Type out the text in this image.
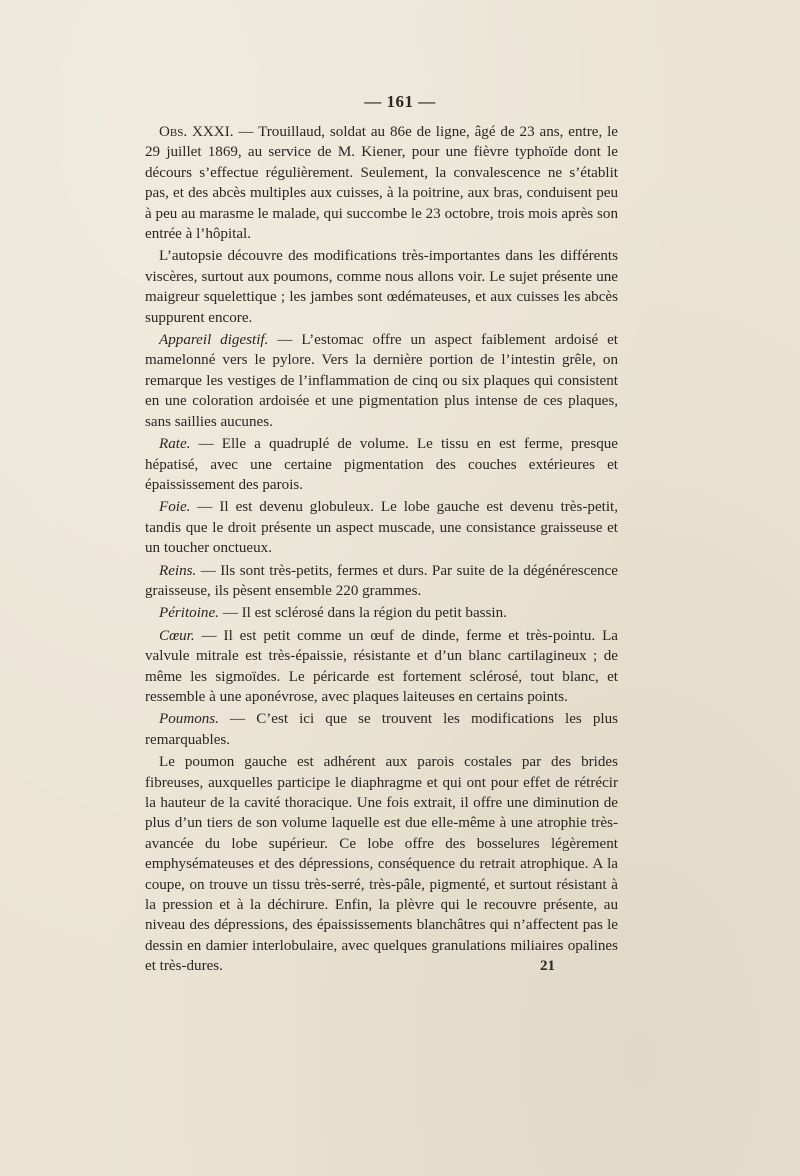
— 161 —

Obs. XXXI. — Trouillaud, soldat au 86e de ligne, âgé de 23 ans, entre, le 29 juillet 1869, au service de M. Kiener, pour une fièvre typhoïde dont le décours s’effectue régulièrement. Seulement, la convalescence ne s’établit pas, et des abcès multiples aux cuisses, à la poitrine, aux bras, conduisent peu à peu au marasme le malade, qui succombe le 23 octobre, trois mois après son entrée à l’hôpital.

L’autopsie découvre des modifications très-importantes dans les différents viscères, surtout aux poumons, comme nous allons voir. Le sujet présente une maigreur squelettique ; les jambes sont œdémateuses, et aux cuisses les abcès suppurent encore.

Appareil digestif. — L’estomac offre un aspect faiblement ardoisé et mamelonné vers le pylore. Vers la dernière portion de l’intestin grêle, on remarque les vestiges de l’inflammation de cinq ou six plaques qui consistent en une coloration ardoisée et une pigmentation plus intense de ces plaques, sans saillies aucunes.

Rate. — Elle a quadruplé de volume. Le tissu en est ferme, presque hépatisé, avec une certaine pigmentation des couches extérieures et épaississement des parois.

Foie. — Il est devenu globuleux. Le lobe gauche est devenu très-petit, tandis que le droit présente un aspect muscade, une consistance graisseuse et un toucher onctueux.

Reins. — Ils sont très-petits, fermes et durs. Par suite de la dégénérescence graisseuse, ils pèsent ensemble 220 grammes.

Péritoine. — Il est sclérosé dans la région du petit bassin.

Cœur. — Il est petit comme un œuf de dinde, ferme et très-pointu. La valvule mitrale est très-épaissie, résistante et d’un blanc cartilagineux ; de même les sigmoïdes. Le péricarde est fortement sclérosé, tout blanc, et ressemble à une aponévrose, avec plaques laiteuses en certains points.

Poumons. — C’est ici que se trouvent les modifications les plus remarquables.

Le poumon gauche est adhérent aux parois costales par des brides fibreuses, auxquelles participe le diaphragme et qui ont pour effet de rétrécir la hauteur de la cavité thoracique. Une fois extrait, il offre une diminution de plus d’un tiers de son volume laquelle est due elle-même à une atrophie très-avancée du lobe supérieur. Ce lobe offre des bosselures légèrement emphysémateuses et des dépressions, conséquence du retrait atrophique. A la coupe, on trouve un tissu très-serré, très-pâle, pigmenté, et surtout résistant à la pression et à la déchirure. Enfin, la plèvre qui le recouvre présente, au niveau des dépressions, des épaississements blanchâtres qui n’affectent pas le dessin en damier interlobulaire, avec quelques granulations miliaires opalines et très-dures.	21
